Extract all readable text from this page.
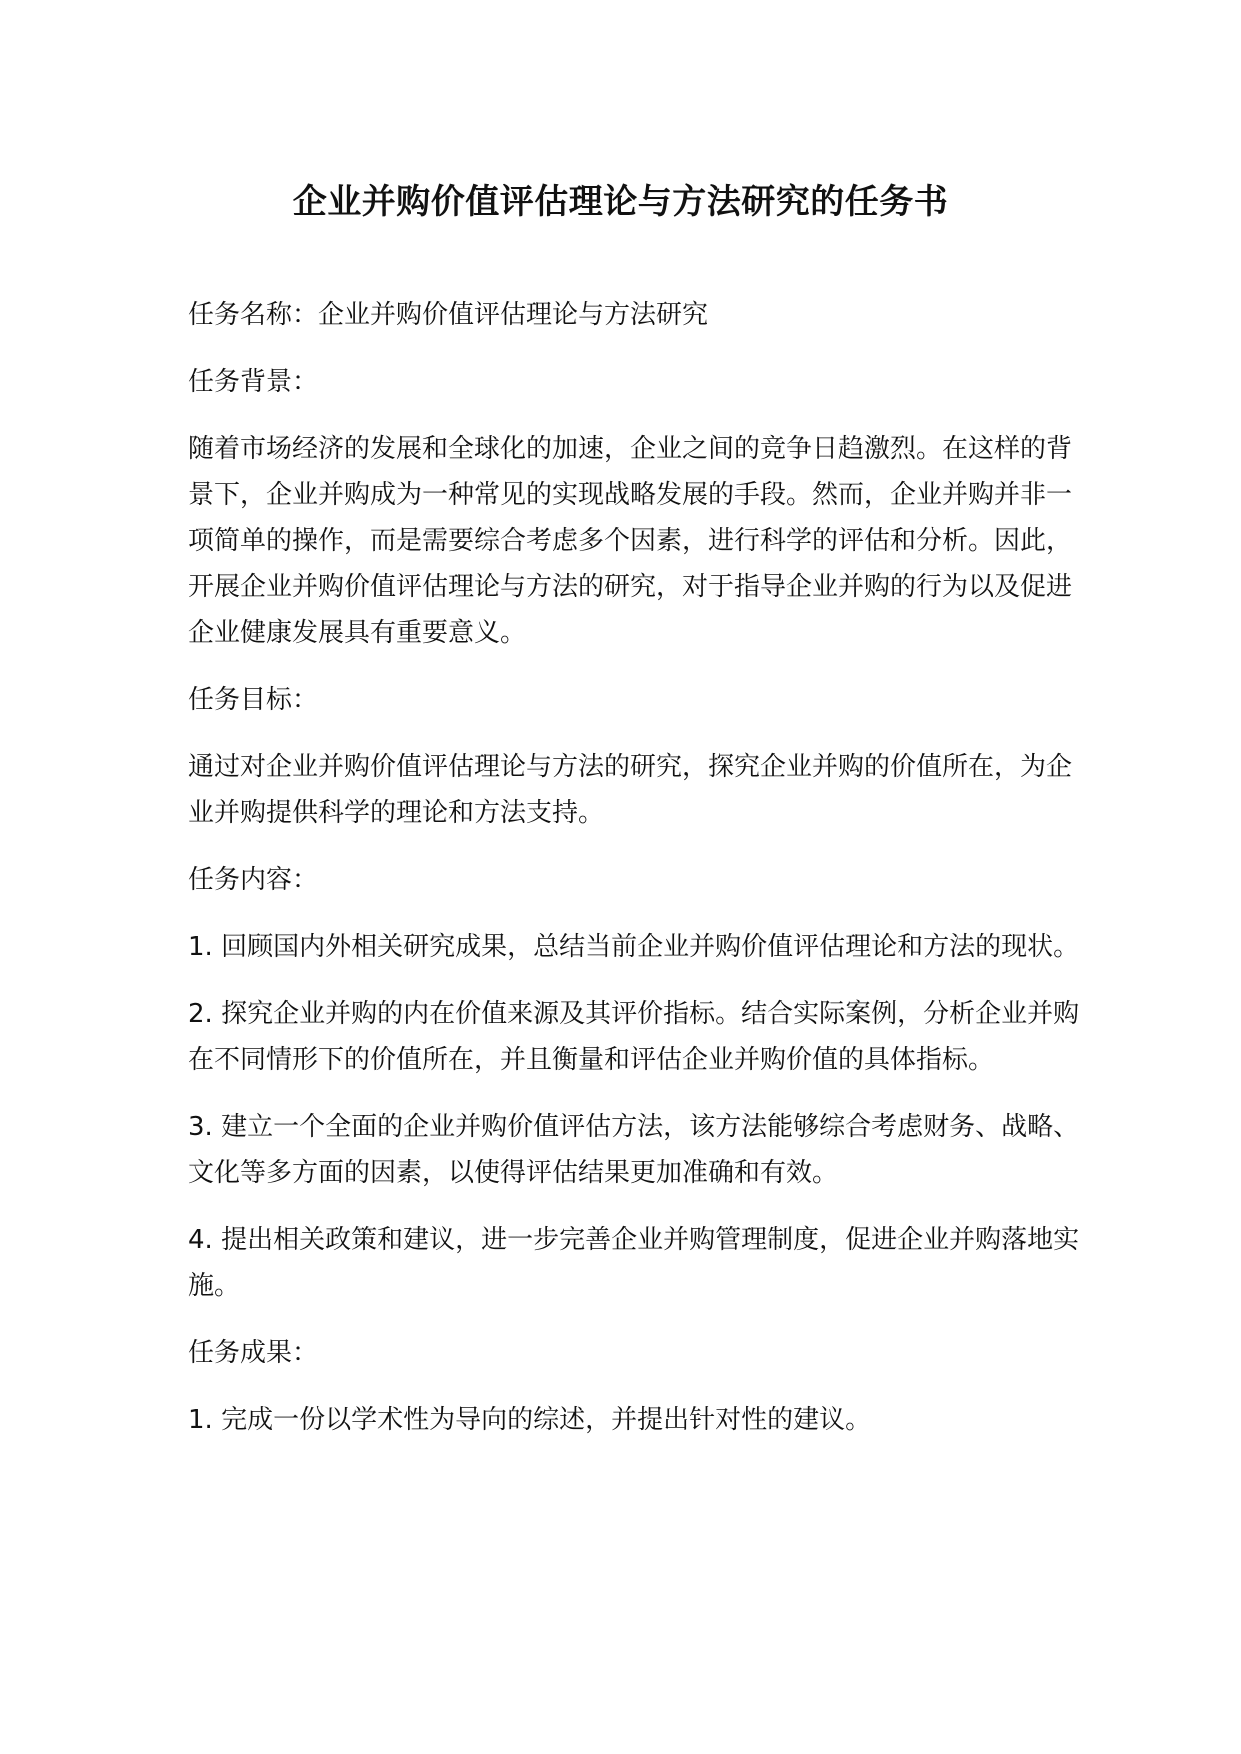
企业并购价值评估理论与方法研究的任务书

任务名称：企业并购价值评估理论与方法研究

任务背景：

随着市场经济的发展和全球化的加速，企业之间的竞争日趋激烈。在这样的背景下，企业并购成为一种常见的实现战略发展的手段。然而，企业并购并非一项简单的操作，而是需要综合考虑多个因素，进行科学的评估和分析。因此，开展企业并购价值评估理论与方法的研究，对于指导企业并购的行为以及促进企业健康发展具有重要意义。

任务目标：

通过对企业并购价值评估理论与方法的研究，探究企业并购的价值所在，为企业并购提供科学的理论和方法支持。

任务内容：

1. 回顾国内外相关研究成果，总结当前企业并购价值评估理论和方法的现状。

2. 探究企业并购的内在价值来源及其评价指标。结合实际案例，分析企业并购在不同情形下的价值所在，并且衡量和评估企业并购价值的具体指标。

3. 建立一个全面的企业并购价值评估方法，该方法能够综合考虑财务、战略、文化等多方面的因素，以使得评估结果更加准确和有效。

4. 提出相关政策和建议，进一步完善企业并购管理制度，促进企业并购落地实施。

任务成果：

1. 完成一份以学术性为导向的综述，并提出针对性的建议。
